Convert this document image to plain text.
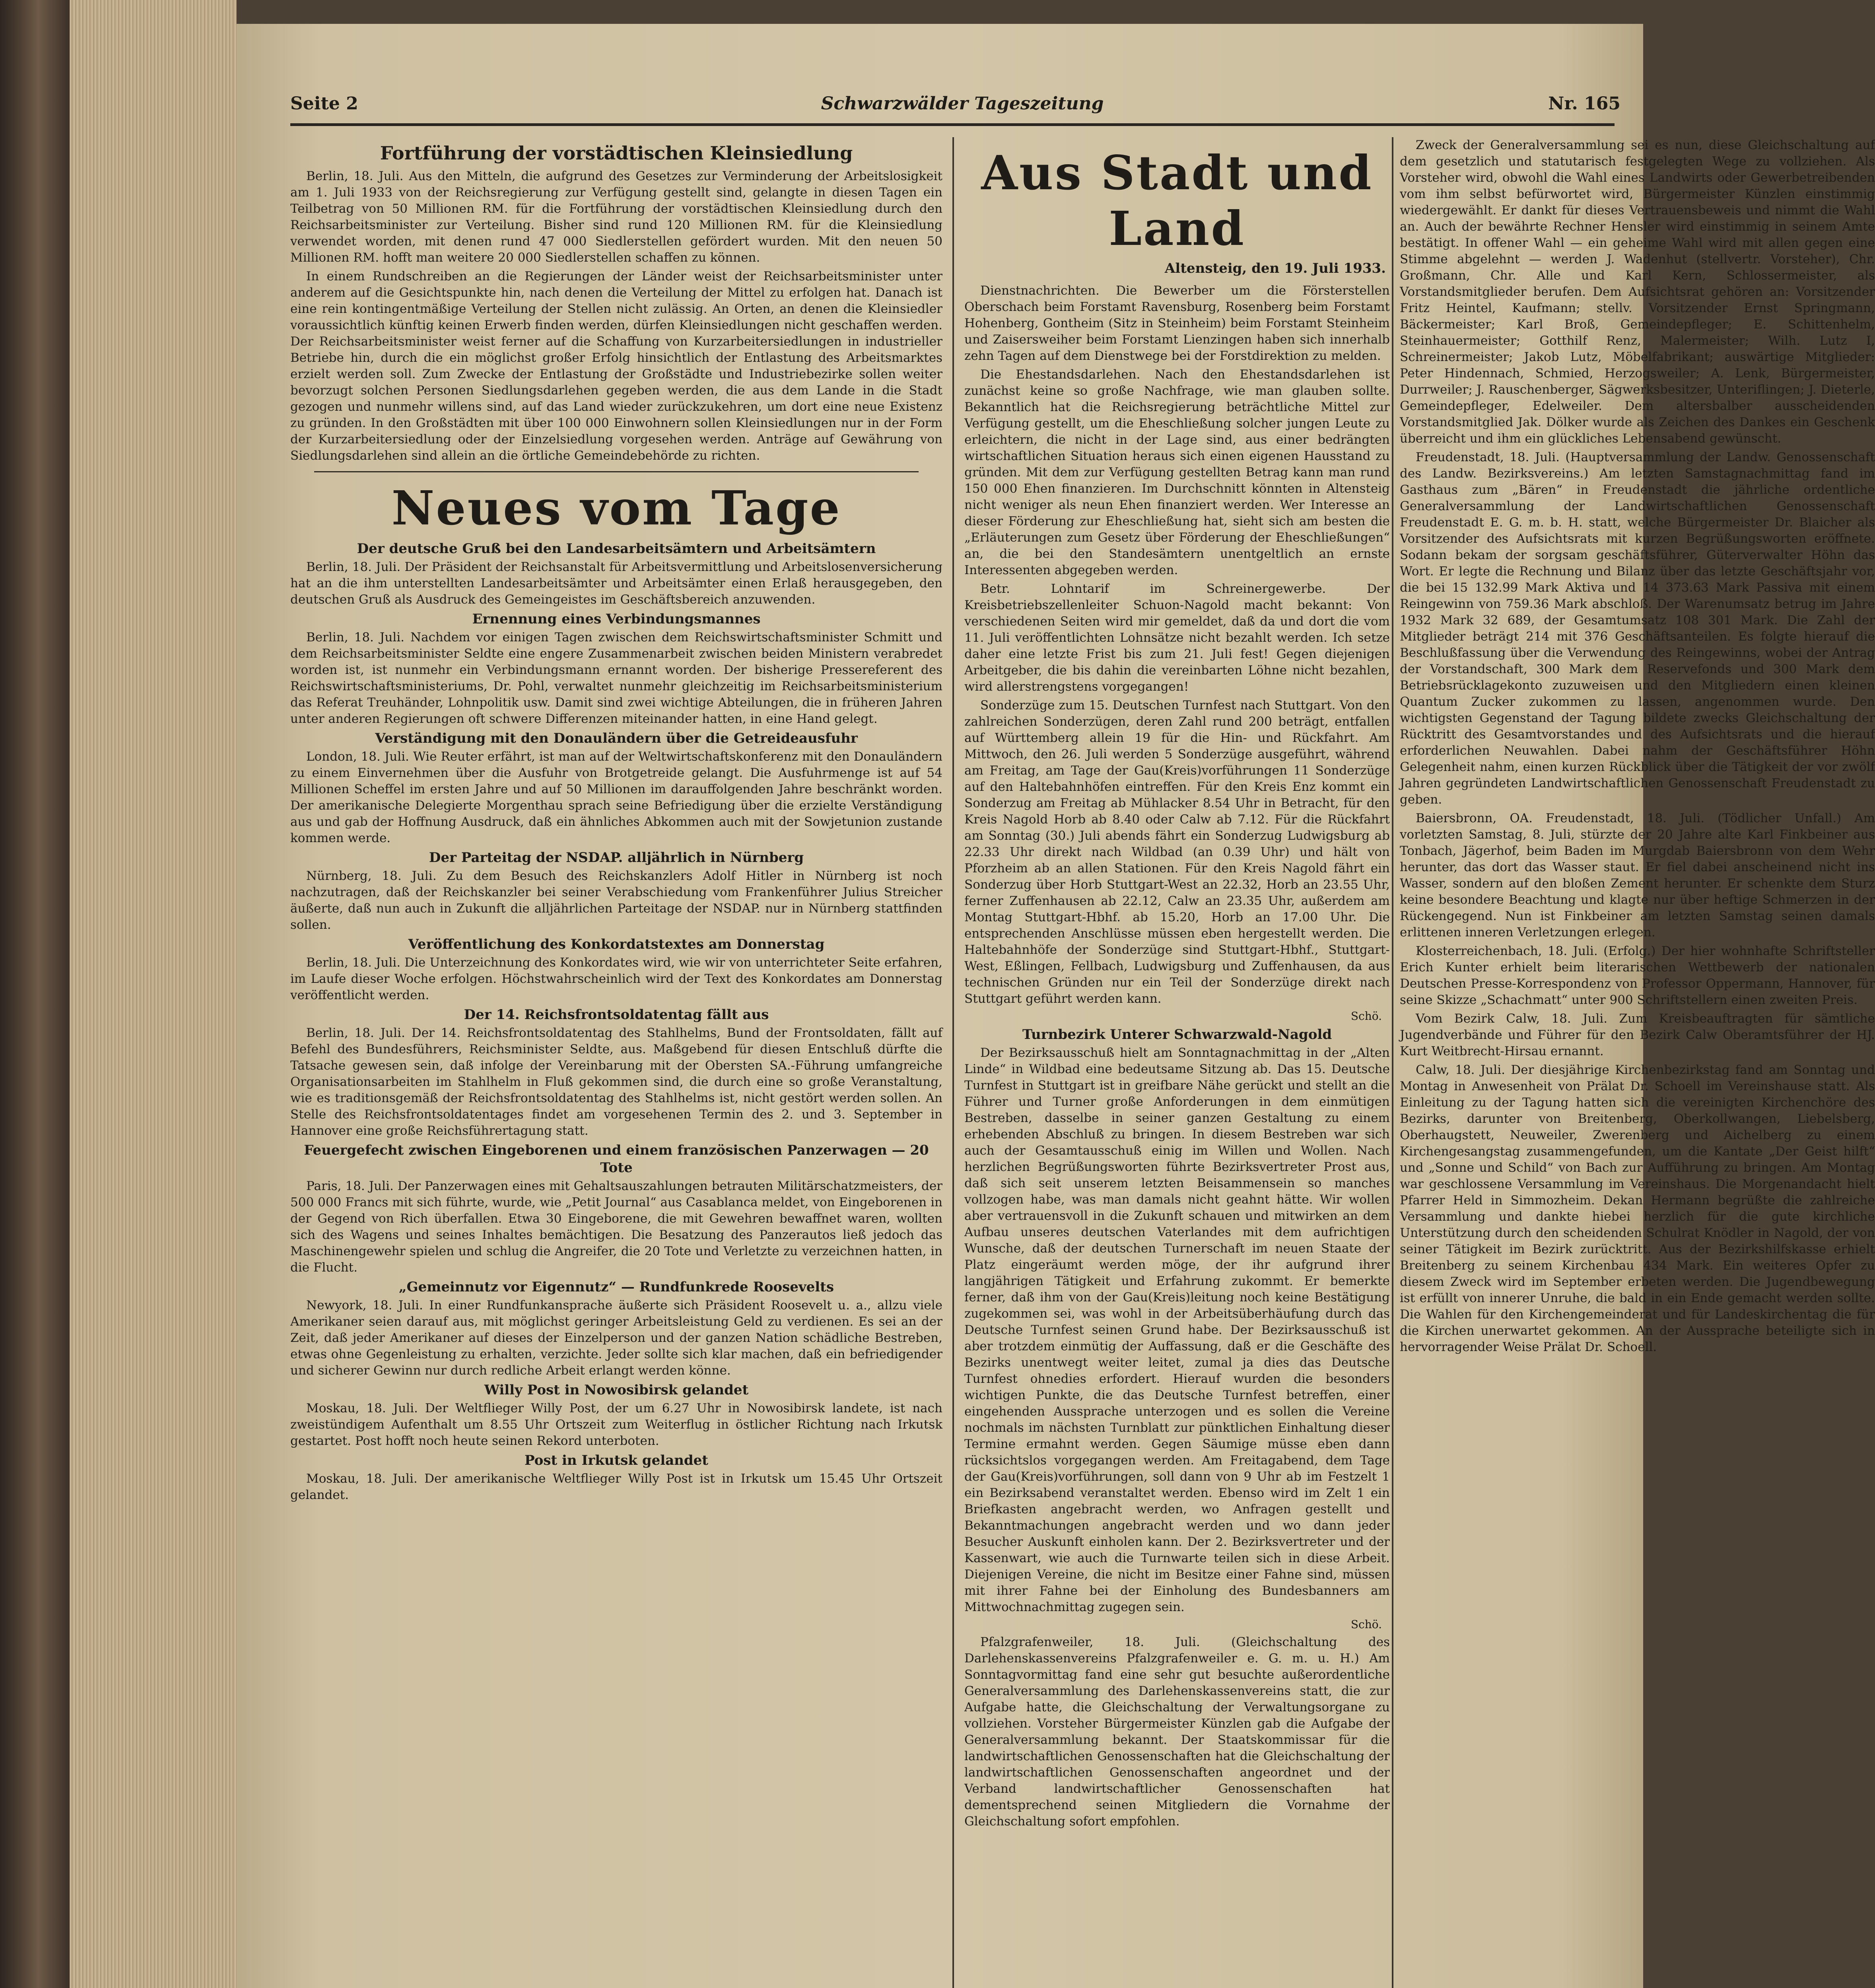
Seite 2	Schwarzwälder Tageszeitung	Nr. 165
Fortführung der vorstädtischen Kleinsiedlung
Berlin, 18. Juli. Aus den Mitteln, die aufgrund des Gesetzes zur Verminderung der Arbeitslosigkeit am 1. Juli 1933 von der Reichsregierung zur Verfügung gestellt sind, gelangte in diesen Tagen ein Teilbetrag von 50 Millionen RM. für die Fortführung der vorstädtischen Kleinsiedlung durch den Reichsarbeitsminister zur Verteilung. Bisher sind rund 120 Millionen RM. für die Kleinsiedlung verwendet worden, mit denen rund 47 000 Siedlerstellen gefördert wurden. Mit den neuen 50 Millionen RM. hofft man weitere 20 000 Siedlerstellen schaffen zu können.
In einem Rundschreiben an die Regierungen der Länder weist der Reichsarbeitsminister unter anderem auf die Gesichtspunkte hin, nach denen die Verteilung der Mittel zu erfolgen hat. Danach ist eine rein kontingentmäßige Verteilung der Stellen nicht zulässig. An Orten, an denen die Kleinsiedler voraussichtlich künftig keinen Erwerb finden werden, dürfen Kleinsiedlungen nicht geschaffen werden. Der Reichsarbeitsminister weist ferner auf die Schaffung von Kurzarbeitersiedlungen in industrieller Betriebe hin, durch die ein möglichst großer Erfolg hinsichtlich der Entlastung des Arbeitsmarktes erzielt werden soll. Zum Zwecke der Entlastung der Großstädte und Industriebezirke sollen weiter bevorzugt solchen Personen Siedlungsdarlehen gegeben werden, die aus dem Lande in die Stadt gezogen und nunmehr willens sind, auf das Land wieder zurückzukehren, um dort eine neue Existenz zu gründen. In den Großstädten mit über 100 000 Einwohnern sollen Kleinsiedlungen nur in der Form der Kurzarbeitersiedlung oder der Einzelsiedlung vorgesehen werden. Anträge auf Gewährung von Siedlungsdarlehen sind allein an die örtliche Gemeindebehörde zu richten.
Neues vom Tage
Der deutsche Gruß bei den Landesarbeitsämtern und Arbeitsämtern
Berlin, 18. Juli. Der Präsident der Reichsanstalt für Arbeitsvermittlung und Arbeitslosenversicherung hat an die ihm unterstellten Landesarbeitsämter und Arbeitsämter einen Erlaß herausgegeben, den deutschen Gruß als Ausdruck des Gemeingeistes im Geschäftsbereich anzuwenden.
Ernennung eines Verbindungsmannes
Berlin, 18. Juli. Nachdem vor einigen Tagen zwischen dem Reichswirtschaftsminister Schmitt und dem Reichsarbeitsminister Seldte eine engere Zusammenarbeit zwischen beiden Ministern verabredet worden ist, ist nunmehr ein Verbindungsmann ernannt worden. Der bisherige Pressereferent des Reichswirtschaftsministeriums, Dr. Pohl, verwaltet nunmehr gleichzeitig im Reichsarbeitsministerium das Referat Treuhänder, Lohnpolitik usw. Damit sind zwei wichtige Abteilungen, die in früheren Jahren unter anderen Regierungen oft schwere Differenzen miteinander hatten, in eine Hand gelegt.
Verständigung mit den Donauländern über die Getreideausfuhr
London, 18. Juli. Wie Reuter erfährt, ist man auf der Weltwirtschaftskonferenz mit den Donauländern zu einem Einvernehmen über die Ausfuhr von Brotgetreide gelangt. Die Ausfuhrmenge ist auf 54 Millionen Scheffel im ersten Jahre und auf 50 Millionen im darauffolgenden Jahre beschränkt worden. Der amerikanische Delegierte Morgenthau sprach seine Befriedigung über die erzielte Verständigung aus und gab der Hoffnung Ausdruck, daß ein ähnliches Abkommen auch mit der Sowjetunion zustande kommen werde.
Der Parteitag der NSDAP. alljährlich in Nürnberg
Nürnberg, 18. Juli. Zu dem Besuch des Reichskanzlers Adolf Hitler in Nürnberg ist noch nachzutragen, daß der Reichskanzler bei seiner Verabschiedung vom Frankenführer Julius Streicher äußerte, daß nun auch in Zukunft die alljährlichen Parteitage der NSDAP. nur in Nürnberg stattfinden sollen.
Veröffentlichung des Konkordatstextes am Donnerstag
Berlin, 18. Juli. Die Unterzeichnung des Konkordates wird, wie wir von unterrichteter Seite erfahren, im Laufe dieser Woche erfolgen. Höchstwahrscheinlich wird der Text des Konkordates am Donnerstag veröffentlicht werden.
Der 14. Reichsfrontsoldatentag fällt aus
Berlin, 18. Juli. Der 14. Reichsfrontsoldatentag des Stahlhelms, Bund der Frontsoldaten, fällt auf Befehl des Bundesführers, Reichsminister Seldte, aus. Maßgebend für diesen Entschluß dürfte die Tatsache gewesen sein, daß infolge der Vereinbarung mit der Obersten SA.-Führung umfangreiche Organisationsarbeiten im Stahlhelm in Fluß gekommen sind, die durch eine so große Veranstaltung, wie es traditionsgemäß der Reichsfrontsoldatentag des Stahlhelms ist, nicht gestört werden sollen. An Stelle des Reichsfrontsoldatentages findet am vorgesehenen Termin des 2. und 3. September in Hannover eine große Reichsführertagung statt.
Feuergefecht zwischen Eingeborenen und einem französischen Panzerwagen — 20 Tote
Paris, 18. Juli. Der Panzerwagen eines mit Gehaltsauszahlungen betrauten Militärschatzmeisters, der 500 000 Francs mit sich führte, wurde, wie „Petit Journal“ aus Casablanca meldet, von Eingeborenen in der Gegend von Rich überfallen. Etwa 30 Eingeborene, die mit Gewehren bewaffnet waren, wollten sich des Wagens und seines Inhaltes bemächtigen. Die Besatzung des Panzerautos ließ jedoch das Maschinengewehr spielen und schlug die Angreifer, die 20 Tote und Verletzte zu verzeichnen hatten, in die Flucht.
„Gemeinnutz vor Eigennutz“ — Rundfunkrede Roosevelts
Newyork, 18. Juli. In einer Rundfunkansprache äußerte sich Präsident Roosevelt u. a., allzu viele Amerikaner seien darauf aus, mit möglichst geringer Arbeitsleistung Geld zu verdienen. Es sei an der Zeit, daß jeder Amerikaner auf dieses der Einzelperson und der ganzen Nation schädliche Bestreben, etwas ohne Gegenleistung zu erhalten, verzichte. Jeder sollte sich klar machen, daß ein befriedigender und sicherer Gewinn nur durch redliche Arbeit erlangt werden könne.
Willy Post in Nowosibirsk gelandet
Moskau, 18. Juli. Der Weltflieger Willy Post, der um 6.27 Uhr in Nowosibirsk landete, ist nach zweistündigem Aufenthalt um 8.55 Uhr Ortszeit zum Weiterflug in östlicher Richtung nach Irkutsk gestartet. Post hofft noch heute seinen Rekord unterboten.
Post in Irkutsk gelandet
Moskau, 18. Juli. Der amerikanische Weltflieger Willy Post ist in Irkutsk um 15.45 Uhr Ortszeit gelandet.
Aus Stadt und Land
Altensteig, den 19. Juli 1933.
Dienstnachrichten. Die Bewerber um die Försterstellen Oberschach beim Forstamt Ravensburg, Rosenberg beim Forstamt Hohenberg, Gontheim (Sitz in Steinheim) beim Forstamt Steinheim und Zaisersweiher beim Forstamt Lienzingen haben sich innerhalb zehn Tagen auf dem Dienstwege bei der Forstdirektion zu melden.
Die Ehestandsdarlehen. Nach den Ehestandsdarlehen ist zunächst keine so große Nachfrage, wie man glauben sollte. Bekanntlich hat die Reichsregierung beträchtliche Mittel zur Verfügung gestellt, um die Eheschließung solcher jungen Leute zu erleichtern, die nicht in der Lage sind, aus einer bedrängten wirtschaftlichen Situation heraus sich einen eigenen Hausstand zu gründen. Mit dem zur Verfügung gestellten Betrag kann man rund 150 000 Ehen finanzieren. Im Durchschnitt könnten in Altensteig nicht weniger als neun Ehen finanziert werden. Wer Interesse an dieser Förderung zur Eheschließung hat, sieht sich am besten die „Erläuterungen zum Gesetz über Förderung der Eheschließungen“ an, die bei den Standesämtern unentgeltlich an ernste Interessenten abgegeben werden.
Betr. Lohntarif im Schreinergewerbe. Der Kreisbetriebszellenleiter Schuon-Nagold macht bekannt: Von verschiedenen Seiten wird mir gemeldet, daß da und dort die vom 11. Juli veröffentlichten Lohnsätze nicht bezahlt werden. Ich setze daher eine letzte Frist bis zum 21. Juli fest! Gegen diejenigen Arbeitgeber, die bis dahin die vereinbarten Löhne nicht bezahlen, wird allerstrengstens vorgegangen!
Sonderzüge zum 15. Deutschen Turnfest nach Stuttgart. Von den zahlreichen Sonderzügen, deren Zahl rund 200 beträgt, entfallen auf Württemberg allein 19 für die Hin- und Rückfahrt. Am Mittwoch, den 26. Juli werden 5 Sonderzüge ausgeführt, während am Freitag, am Tage der Gau(Kreis)vorführungen 11 Sonderzüge auf den Haltebahnhöfen eintreffen. Für den Kreis Enz kommt ein Sonderzug am Freitag ab Mühlacker 8.54 Uhr in Betracht, für den Kreis Nagold Horb ab 8.40 oder Calw ab 7.12. Für die Rückfahrt am Sonntag (30.) Juli abends fährt ein Sonderzug Ludwigsburg ab 22.33 Uhr direkt nach Wildbad (an 0.39 Uhr) und hält von Pforzheim ab an allen Stationen. Für den Kreis Nagold fährt ein Sonderzug über Horb Stuttgart-West an 22.32, Horb an 23.55 Uhr, ferner Zuffenhausen ab 22.12, Calw an 23.35 Uhr, außerdem am Montag Stuttgart-Hbhf. ab 15.20, Horb an 17.00 Uhr. Die entsprechenden Anschlüsse müssen eben hergestellt werden. Die Haltebahnhöfe der Sonderzüge sind Stuttgart-Hbhf., Stuttgart-West, Eßlingen, Fellbach, Ludwigsburg und Zuffenhausen, da aus technischen Gründen nur ein Teil der Sonderzüge direkt nach Stuttgart geführt werden kann.
Schö.
Turnbezirk Unterer Schwarzwald-Nagold
Der Bezirksausschuß hielt am Sonntagnachmittag in der „Alten Linde“ in Wildbad eine bedeutsame Sitzung ab. Das 15. Deutsche Turnfest in Stuttgart ist in greifbare Nähe gerückt und stellt an die Führer und Turner große Anforderungen in dem einmütigen Bestreben, dasselbe in seiner ganzen Gestaltung zu einem erhebenden Abschluß zu bringen. In diesem Bestreben war sich auch der Gesamtausschuß einig im Willen und Wollen. Nach herzlichen Begrüßungsworten führte Bezirksvertreter Prost aus, daß sich seit unserem letzten Beisammensein so manches vollzogen habe, was man damals nicht geahnt hätte. Wir wollen aber vertrauensvoll in die Zukunft schauen und mitwirken an dem Aufbau unseres deutschen Vaterlandes mit dem aufrichtigen Wunsche, daß der deutschen Turnerschaft im neuen Staate der Platz eingeräumt werden möge, der ihr aufgrund ihrer langjährigen Tätigkeit und Erfahrung zukommt. Er bemerkte ferner, daß ihm von der Gau(Kreis)leitung noch keine Bestätigung zugekommen sei, was wohl in der Arbeitsüberhäufung durch das Deutsche Turnfest seinen Grund habe. Der Bezirksausschuß ist aber trotzdem einmütig der Auffassung, daß er die Geschäfte des Bezirks unentwegt weiter leitet, zumal ja dies das Deutsche Turnfest ohnedies erfordert. Hierauf wurden die besonders wichtigen Punkte, die das Deutsche Turnfest betreffen, einer eingehenden Aussprache unterzogen und es sollen die Vereine nochmals im nächsten Turnblatt zur pünktlichen Einhaltung dieser Termine ermahnt werden. Gegen Säumige müsse eben dann rücksichtslos vorgegangen werden. Am Freitagabend, dem Tage der Gau(Kreis)vorführungen, soll dann von 9 Uhr ab im Festzelt 1 ein Bezirksabend veranstaltet werden. Ebenso wird im Zelt 1 ein Briefkasten angebracht werden, wo Anfragen gestellt und Bekanntmachungen angebracht werden und wo dann jeder Besucher Auskunft einholen kann. Der 2. Bezirksvertreter und der Kassenwart, wie auch die Turnwarte teilen sich in diese Arbeit. Diejenigen Vereine, die nicht im Besitze einer Fahne sind, müssen mit ihrer Fahne bei der Einholung des Bundesbanners am Mittwochnachmittag zugegen sein.
Schö.
Pfalzgrafenweiler, 18. Juli. (Gleichschaltung des Darlehenskassenvereins Pfalzgrafenweiler e. G. m. u. H.) Am Sonntagvormittag fand eine sehr gut besuchte außerordentliche Generalversammlung des Darlehenskassenvereins statt, die zur Aufgabe hatte, die Gleichschaltung der Verwaltungsorgane zu vollziehen. Vorsteher Bürgermeister Künzlen gab die Aufgabe der Generalversammlung bekannt. Der Staatskommissar für die landwirtschaftlichen Genossenschaften hat die Gleichschaltung der landwirtschaftlichen Genossenschaften angeordnet und der Verband landwirtschaftlicher Genossenschaften hat dementsprechend seinen Mitgliedern die Vornahme der Gleichschaltung sofort empfohlen.
Zweck der Generalversammlung sei es nun, diese Gleichschaltung auf dem gesetzlich und statutarisch festgelegten Wege zu vollziehen. Als Vorsteher wird, obwohl die Wahl eines Landwirts oder Gewerbetreibenden vom ihm selbst befürwortet wird, Bürgermeister Künzlen einstimmig wiedergewählt. Er dankt für dieses Vertrauensbeweis und nimmt die Wahl an. Auch der bewährte Rechner Hensler wird einstimmig in seinem Amte bestätigt. In offener Wahl — ein geheime Wahl wird mit allen gegen eine Stimme abgelehnt — werden J. Wadenhut (stellvertr. Vorsteher), Chr. Großmann, Chr. Alle und Karl Kern, Schlossermeister, als Vorstandsmitglieder berufen. Dem Aufsichtsrat gehören an: Vorsitzender Fritz Heintel, Kaufmann; stellv. Vorsitzender Ernst Springmann, Bäckermeister; Karl Broß, Gemeindepfleger; E. Schittenhelm, Steinhauermeister; Gotthilf Renz, Malermeister; Wilh. Lutz I, Schreinermeister; Jakob Lutz, Möbelfabrikant; auswärtige Mitglieder: Peter Hindennach, Schmied, Herzogsweiler; A. Lenk, Bürgermeister, Durrweiler; J. Rauschenberger, Sägwerksbesitzer, Unteriflingen; J. Dieterle, Gemeindepfleger, Edelweiler. Dem altersbalber ausscheidenden Vorstandsmitglied Jak. Dölker wurde als Zeichen des Dankes ein Geschenk überreicht und ihm ein glückliches Lebensabend gewünscht.
Freudenstadt, 18. Juli. (Hauptversammlung der Landw. Genossenschaft des Landw. Bezirksvereins.) Am letzten Samstagnachmittag fand im Gasthaus zum „Bären“ in Freudenstadt die jährliche ordentliche Generalversammlung der Landwirtschaftlichen Genossenschaft Freudenstadt E. G. m. b. H. statt, welche Bürgermeister Dr. Blaicher als Vorsitzender des Aufsichtsrats mit kurzen Begrüßungsworten eröffnete. Sodann bekam der sorgsam geschäftsführer, Güterverwalter Höhn das Wort. Er legte die Rechnung und Bilanz über das letzte Geschäftsjahr vor, die bei 15 132.99 Mark Aktiva und 14 373.63 Mark Passiva mit einem Reingewinn von 759.36 Mark abschloß. Der Warenumsatz betrug im Jahre 1932 Mark 32 689, der Gesamtumsatz 108 301 Mark. Die Zahl der Mitglieder beträgt 214 mit 376 Geschäftsanteilen. Es folgte hierauf die Beschlußfassung über die Verwendung des Reingewinns, wobei der Antrag der Vorstandschaft, 300 Mark dem Reservefonds und 300 Mark dem Betriebsrücklagekonto zuzuweisen und den Mitgliedern einen kleinen Quantum Zucker zukommen zu lassen, angenommen wurde. Den wichtigsten Gegenstand der Tagung bildete zwecks Gleichschaltung der Rücktritt des Gesamtvorstandes und des Aufsichtsrats und die hierauf erforderlichen Neuwahlen. Dabei nahm der Geschäftsführer Höhn Gelegenheit nahm, einen kurzen Rückblick über die Tätigkeit der vor zwölf Jahren gegründeten Landwirtschaftlichen Genossenschaft Freudenstadt zu geben.
Baiersbronn, OA. Freudenstadt, 18. Juli. (Tödlicher Unfall.) Am vorletzten Samstag, 8. Juli, stürzte der 20 Jahre alte Karl Finkbeiner aus Tonbach, Jägerhof, beim Baden im Murgdab Baiersbronn von dem Wehr herunter, das dort das Wasser staut. Er fiel dabei anscheinend nicht ins Wasser, sondern auf den bloßen Zement herunter. Er schenkte dem Sturz keine besondere Beachtung und klagte nur über heftige Schmerzen in der Rückengegend. Nun ist Finkbeiner am letzten Samstag seinen damals erlittenen inneren Verletzungen erlegen.
Klosterreichenbach, 18. Juli. (Erfolg.) Der hier wohnhafte Schriftsteller Erich Kunter erhielt beim literarischen Wettbewerb der nationalen Deutschen Presse-Korrespondenz von Professor Oppermann, Hannover, für seine Skizze „Schachmatt“ unter 900 Schriftstellern einen zweiten Preis.
Vom Bezirk Calw, 18. Juli. Zum Kreisbeauftragten für sämtliche Jugendverbände und Führer für den Bezirk Calw Oberamtsführer der HJ. Kurt Weitbrecht-Hirsau ernannt.
Calw, 18. Juli. Der diesjährige Kirchenbezirkstag fand am Sonntag und Montag in Anwesenheit von Prälat Dr. Schoell im Vereinshause statt. Als Einleitung zu der Tagung hatten sich die vereinigten Kirchenchöre des Bezirks, darunter von Breitenberg, Oberkollwangen, Liebelsberg, Oberhaugstett, Neuweiler, Zwerenberg und Aichelberg zu einem Kirchengesangstag zusammengefunden, um die Kantate „Der Geist hilft“ und „Sonne und Schild“ von Bach zur Aufführung zu bringen. Am Montag war geschlossene Versammlung im Vereinshaus. Die Morgenandacht hielt Pfarrer Held in Simmozheim. Dekan Hermann begrüßte die zahlreiche Versammlung und dankte hiebei herzlich für die gute kirchliche Unterstützung durch den scheidenden Schulrat Knödler in Nagold, der von seiner Tätigkeit im Bezirk zurücktritt. Aus der Bezirkshilfskasse erhielt Breitenberg zu seinem Kirchenbau 434 Mark. Ein weiteres Opfer zu diesem Zweck wird im September erbeten werden. Die Jugendbewegung ist erfüllt von innerer Unruhe, die bald in ein Ende gemacht werden sollte. Die Wahlen für den Kirchengemeinderat und für Landeskirchentag die für die Kirchen unerwartet gekommen. An der Aussprache beteiligte sich in hervorragender Weise Prälat Dr. Schoell.
